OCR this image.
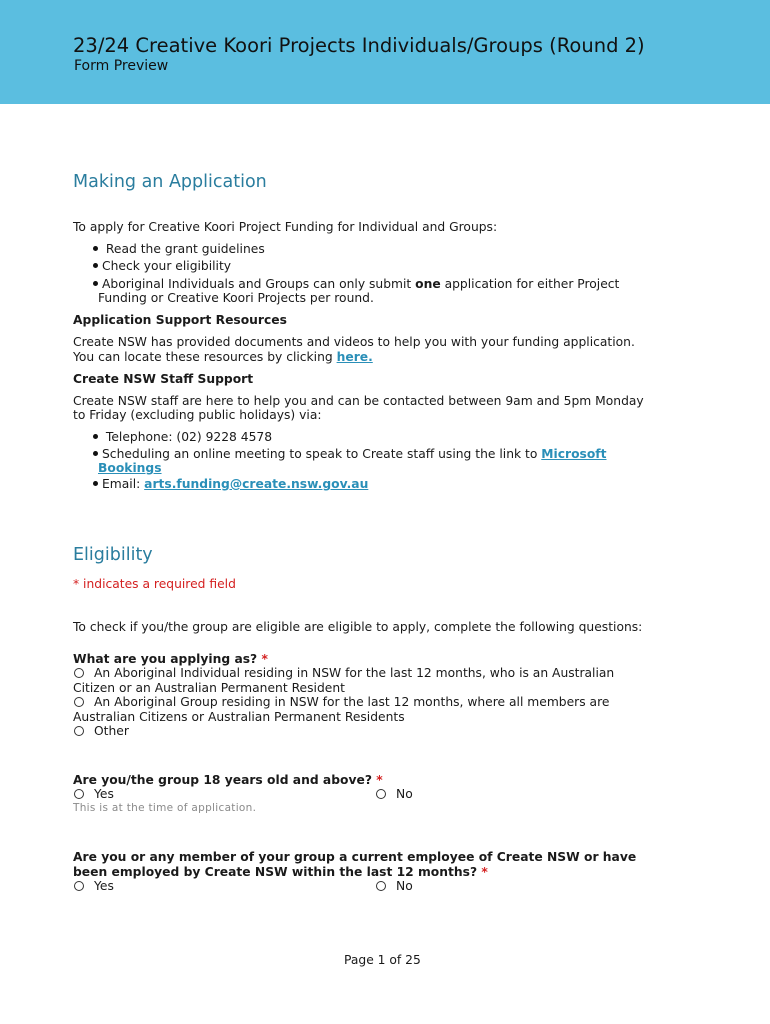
23/24 Creative Koori Projects Individuals/Groups (Round 2)
Form Preview
Making an Application
To apply for Creative Koori Project Funding for Individual and Groups:
Read the grant guidelines
Check your eligibility
Aboriginal Individuals and Groups can only submit one application for either Project
Funding or Creative Koori Projects per round.
Application Support Resources
Create NSW has provided documents and videos to help you with your funding application.
You can locate these resources by clicking here.
Create NSW Staff Support
Create NSW staff are here to help you and can be contacted between 9am and 5pm Monday
to Friday (excluding public holidays) via:
Telephone: (02) 9228 4578
Scheduling an online meeting to speak to Create staff using the link to Microsoft
Bookings
Email: arts.funding@create.nsw.gov.au
Eligibility
* indicates a required field
To check if you/the group are eligible are eligible to apply, complete the following questions:
What are you applying as? *
An Aboriginal Individual residing in NSW for the last 12 months, who is an Australian
Citizen or an Australian Permanent Resident
An Aboriginal Group residing in NSW for the last 12 months, where all members are
Australian Citizens or Australian Permanent Residents
Other
Are you/the group 18 years old and above? *
Yes	No
This is at the time of application.
Are you or any member of your group a current employee of Create NSW or have
been employed by Create NSW within the last 12 months? *
Yes	No
Page 1 of 25
